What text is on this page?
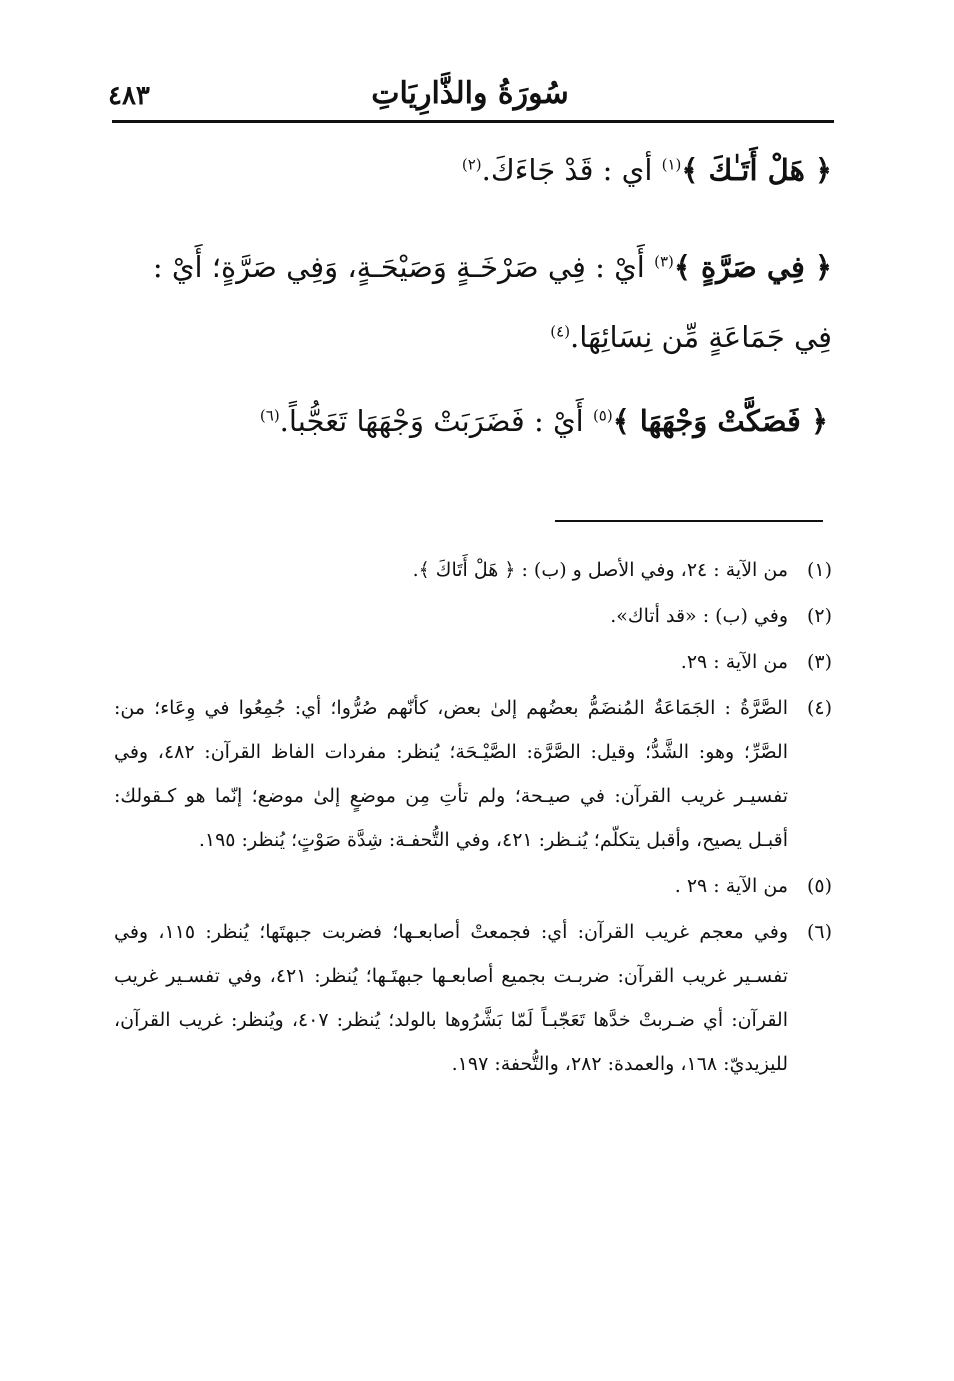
سُورَةُ والذَّارِيَاتِ
٤٨٣
﴿ هَلْ أَتَـٰكَ ﴾$^{(١)}$ أي : قَدْ جَاءَكَ.$^{(٢)}$
﴿ فِي صَرَّةٍ ﴾$^{(٣)}$ أَيْ : فِي صَرْخَـةٍ وَصَيْحَـةٍ، وَفِي صَرَّةٍ؛ أَيْ : فِي جَمَاعَةٍ مِّن نِسَائِهَا.$^{(٤)}$
﴿ فَصَكَّتْ وَجْهَهَا ﴾$^{(٥)}$ أَيْ : فَضَرَبَتْ وَجْهَهَا تَعَجُّباً.$^{(٦)}$
(١)
من الآية : ٢٤، وفي الأصل و (ب) : ﴿ هَلْ أَتَاكَ ﴾.
(٢)
وفي (ب) : «قد أتاك».
(٣)
من الآية : ٢٩.
(٤)
الصَّرَّةُ : الجَمَاعَةُ المُنضَمُّ بعضُهم إلىٰ بعض، كأنّهم صُرُّوا؛ أي: جُمِعُوا في وِعَاء؛ من: الصَّرِّ؛ وهو: الشَّدُّ؛ وقيل: الصَّرَّة: الصَّيْـحَة؛ يُنظر: مفردات الفاظ القرآن: ٤٨٢، وفي تفسيـر غريب القرآن: في صيـحة؛ ولم تأتِ مِن موضعٍ إلىٰ موضع؛ إنّما هو كـقولك: أقبـل يصيح، وأقبل يتكلّم؛ يُنـظر: ٤٢١، وفي التُّحفـة: شِدَّة صَوْتٍ؛ يُنظر: ١٩٥.
(٥)
من الآية : ٢٩ .
(٦)
وفي معجم غريب القرآن: أي: فجمعتْ أصابعـها؛ فضربت جبهتَها؛ يُنظر: ١١٥، وفي تفسـير غريب القرآن: ضربـت بجميع أصابعـها جبهتَـها؛ يُنظر: ٤٢١، وفي تفسـير غريب القرآن: أي ضـربتْ خدَّها تَعَجّبـاً لَمّا بَشَّرُوها بالولد؛ يُنظر: ٤٠٧، ويُنظر: غريب القرآن، لليزيديّ: ١٦٨، والعمدة: ٢٨٢، والتُّحفة: ١٩٧.
